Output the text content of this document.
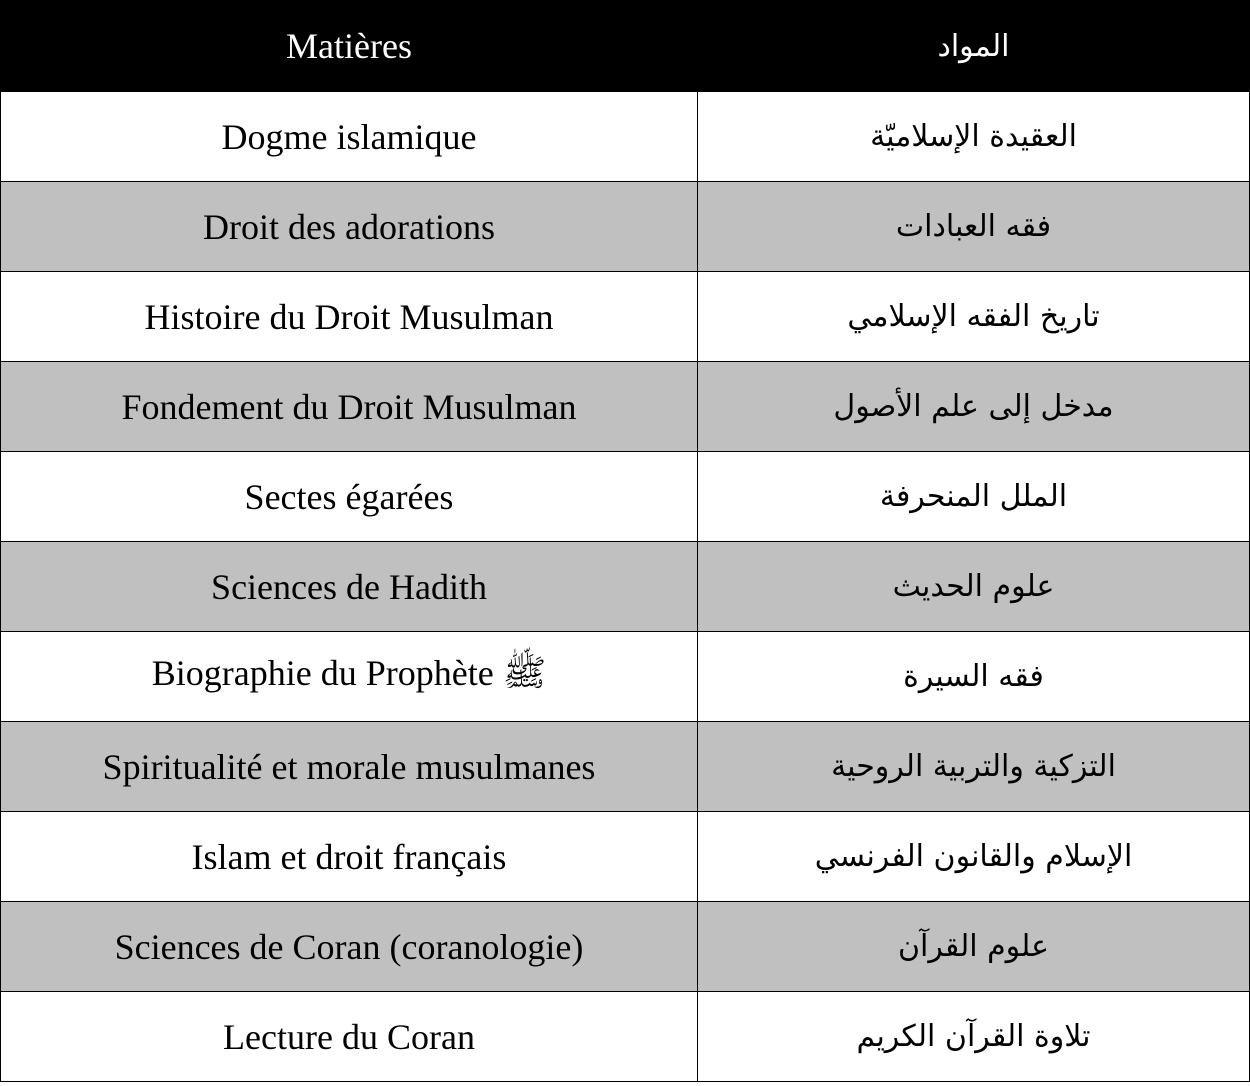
Matières	المواد
Dogme islamique	العقيدة الإسلاميّة
Droit des adorations	فقه العبادات
Histoire du Droit Musulman	تاريخ الفقه الإسلامي
Fondement du Droit Musulman	مدخل إلى علم الأصول
Sectes égarées	الملل المنحرفة
Sciences de Hadith	علوم الحديث
Biographie du Prophète ﷺ	فقه السيرة
Spiritualité et morale musulmanes	التزكية والتربية الروحية
Islam et droit français	الإسلام والقانون الفرنسي
Sciences de Coran (coranologie)	علوم القرآن
Lecture du Coran	تلاوة القرآن الكريم
